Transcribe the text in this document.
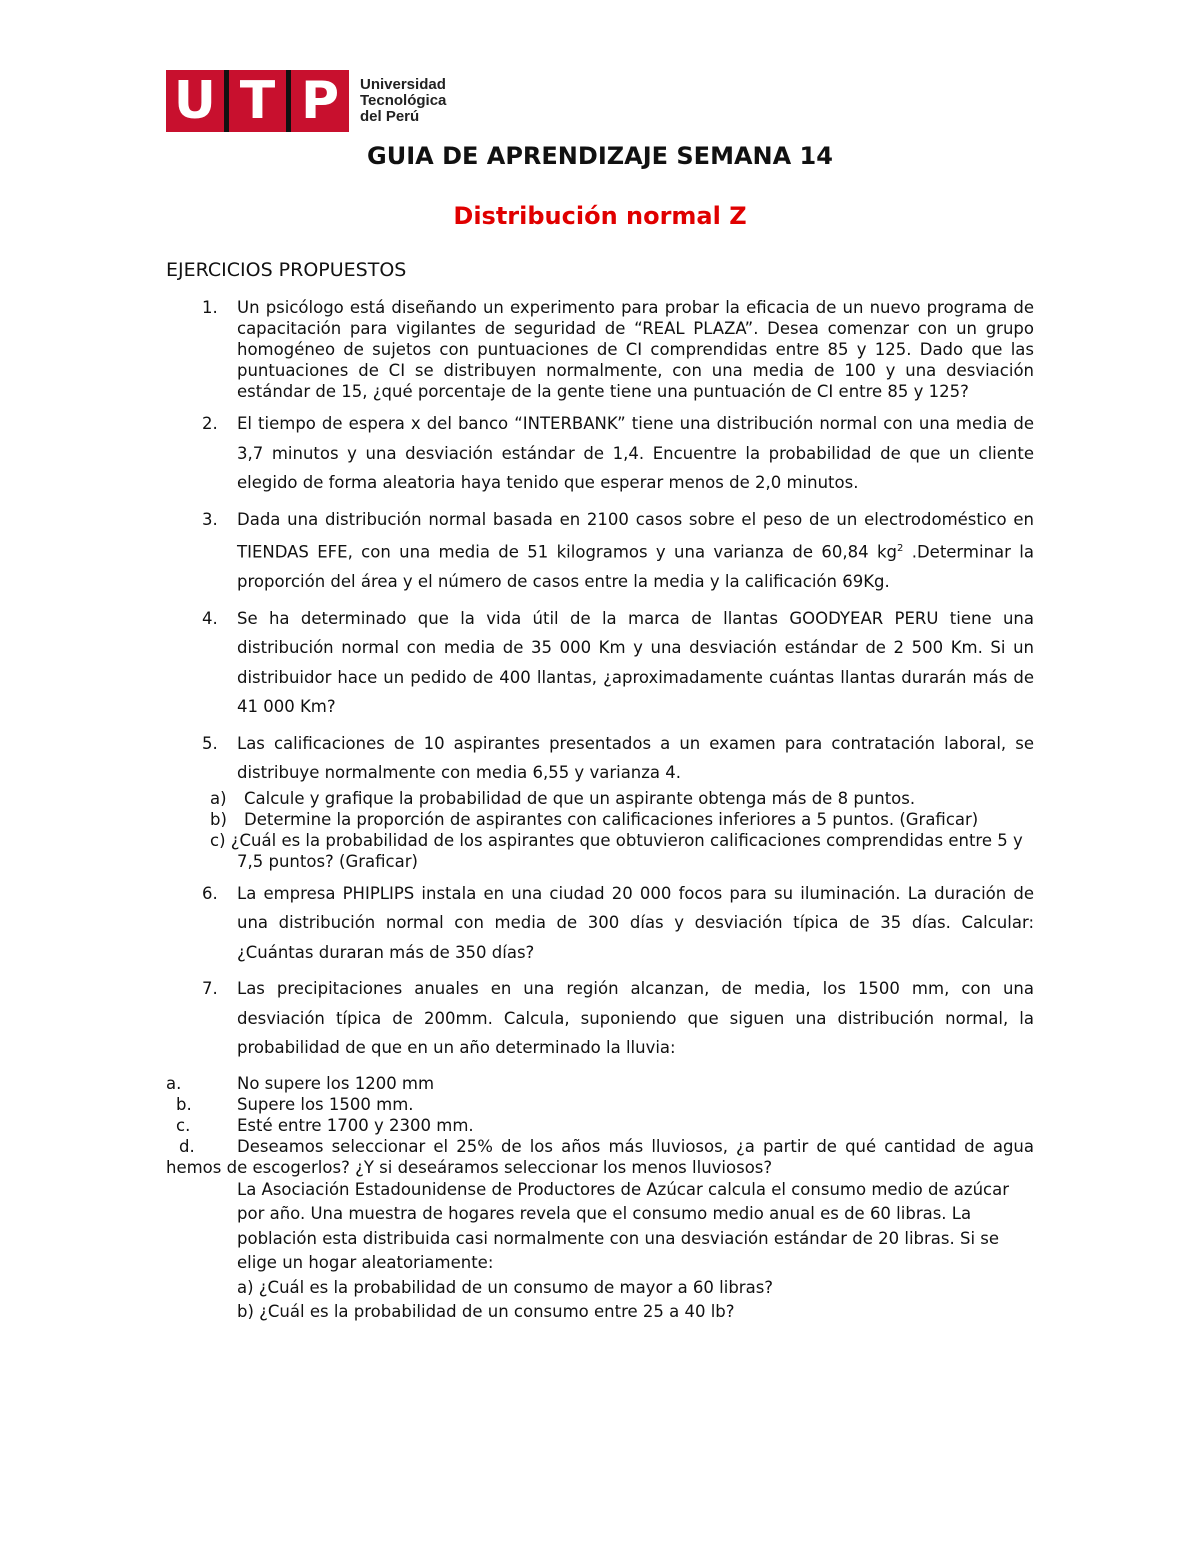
U T P	Universidad
Tecnológica
del Perú
GUIA DE APRENDIZAJE SEMANA 14
Distribución normal Z
EJERCICIOS PROPUESTOS
1. Un psicólogo está diseñando un experimento para probar la eficacia de un nuevo programa de capacitación para vigilantes de seguridad de “REAL PLAZA”. Desea comenzar con un grupo homogéneo de sujetos con puntuaciones de CI comprendidas entre 85 y 125. Dado que las puntuaciones de CI se distribuyen normalmente, con una media de 100 y una desviación estándar de 15, ¿qué porcentaje de la gente tiene una puntuación de CI entre 85 y 125?
2. El tiempo de espera x del banco “INTERBANK” tiene una distribución normal con una media de 3,7 minutos y una desviación estándar de 1,4. Encuentre la probabilidad de que un cliente elegido de forma aleatoria haya tenido que esperar menos de 2,0 minutos.
3. Dada una distribución normal basada en 2100 casos sobre el peso de un electrodoméstico en TIENDAS EFE, con una media de 51 kilogramos y una varianza de 60,84 $kg^2$ .Determinar la proporción del área y el número de casos entre la media y la calificación 69Kg.
4. Se ha determinado que la vida útil de la marca de llantas GOODYEAR PERU tiene una distribución normal con media de 35 000 Km y una desviación estándar de 2 500 Km. Si un distribuidor hace un pedido de 400 llantas, ¿aproximadamente cuántas llantas durarán más de 41 000 Km?
5. Las calificaciones de 10 aspirantes presentados a un examen para contratación laboral, se distribuye normalmente con media 6,55 y varianza 4.
a) Calcule y grafique la probabilidad de que un aspirante obtenga más de 8 puntos.
b) Determine la proporción de aspirantes con calificaciones inferiores a 5 puntos. (Graficar)
c) ¿Cuál es la probabilidad de los aspirantes que obtuvieron calificaciones comprendidas entre 5 y 7,5 puntos? (Graficar)
6. La empresa PHIPLIPS instala en una ciudad 20 000 focos para su iluminación. La duración de una distribución normal con media de 300 días y desviación típica de 35 días. Calcular: ¿Cuántas duraran más de 350 días?
7. Las precipitaciones anuales en una región alcanzan, de media, los 1500 mm, con una desviación típica de 200mm. Calcula, suponiendo que siguen una distribución normal, la probabilidad de que en un año determinado la lluvia:
a.	No supere los 1200 mm
b.	Supere los 1500 mm.
c.	Esté entre 1700 y 2300 mm.
d.	Deseamos seleccionar el 25% de los años más lluviosos, ¿a partir de qué cantidad de agua hemos de escogerlos? ¿Y si deseáramos seleccionar los menos lluviosos?
La Asociación Estadounidense de Productores de Azúcar calcula el consumo medio de azúcar por año. Una muestra de hogares revela que el consumo medio anual es de 60 libras. La población esta distribuida casi normalmente con una desviación estándar de 20 libras. Si se elige un hogar aleatoriamente:
a) ¿Cuál es la probabilidad de un consumo de mayor a 60 libras?
b) ¿Cuál es la probabilidad de un consumo entre 25 a 40 lb?
